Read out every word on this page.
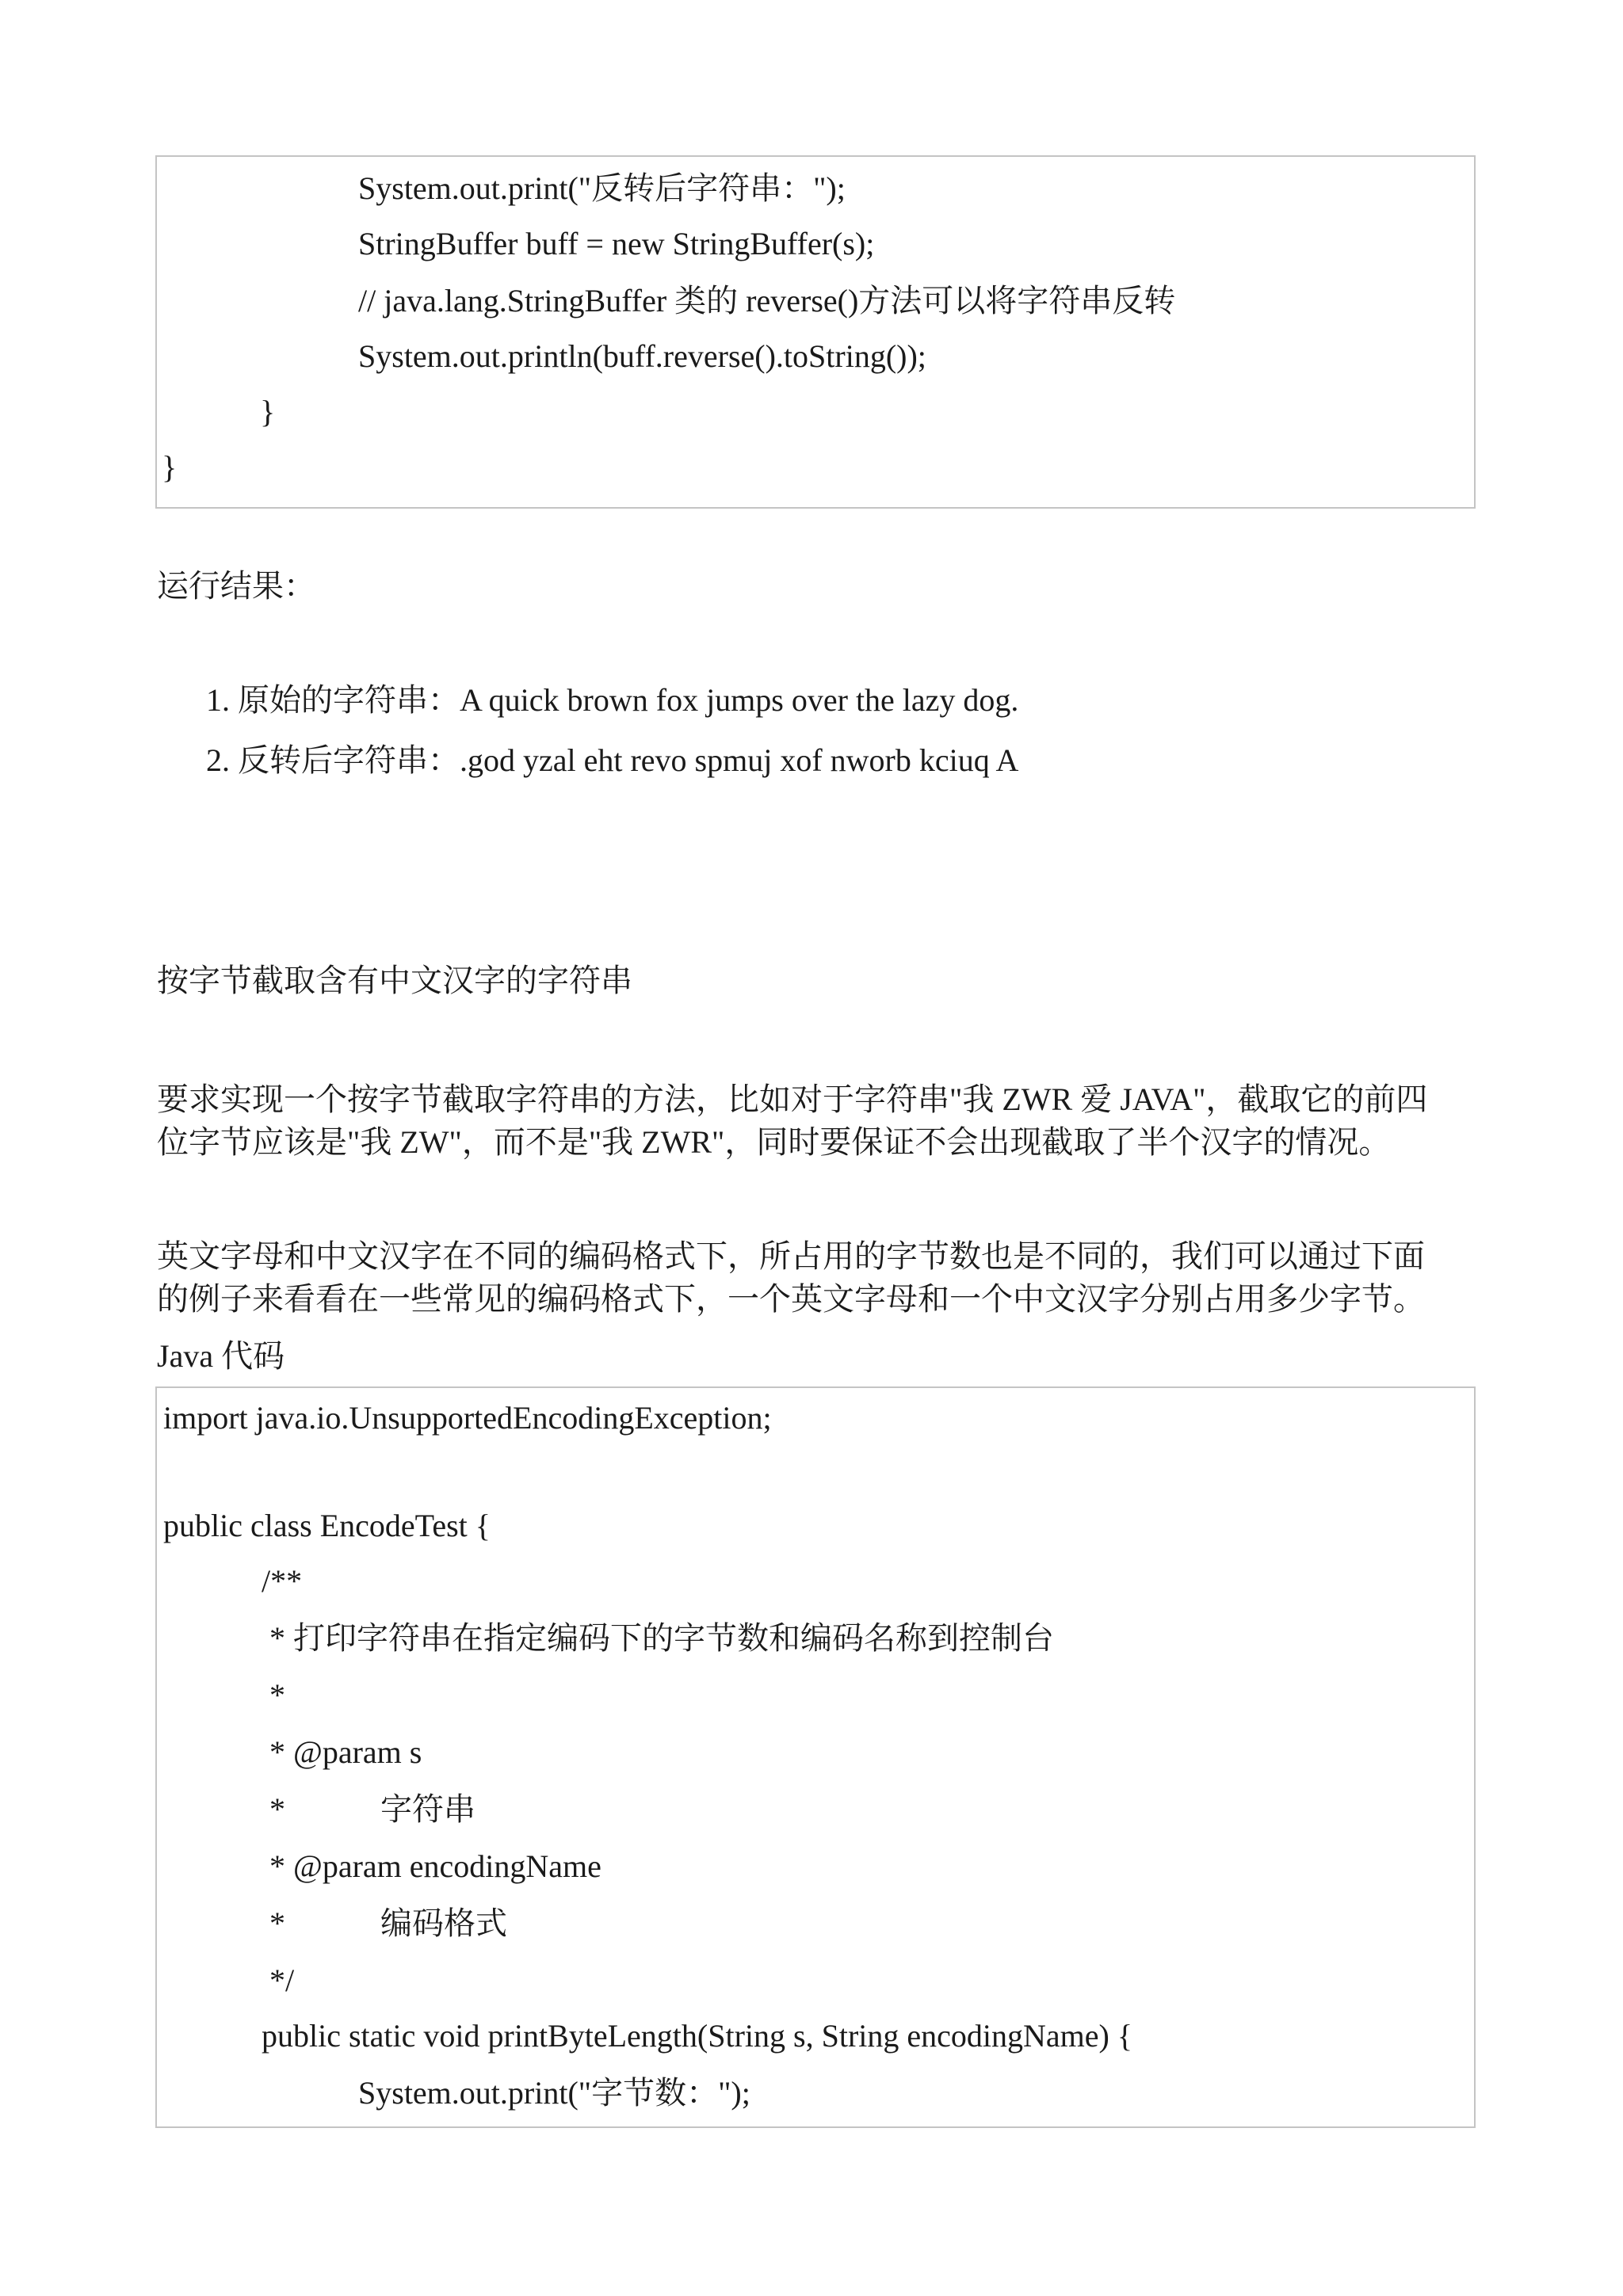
System.out.print("反转后字符串：");
StringBuffer buff = new StringBuffer(s);
// java.lang.StringBuffer 类的 reverse()方法可以将字符串反转
System.out.println(buff.reverse().toString());
}
}
运行结果：
1. 原始的字符串：A quick brown fox jumps over the lazy dog.
2. 反转后字符串：.god yzal eht revo spmuj xof nworb kciuq A
按字节截取含有中文汉字的字符串
要求实现一个按字节截取字符串的方法，比如对于字符串"我 ZWR 爱 JAVA"，截取它的前四
位字节应该是"我 ZW"，而不是"我 ZWR"，同时要保证不会出现截取了半个汉字的情况。
英文字母和中文汉字在不同的编码格式下，所占用的字节数也是不同的，我们可以通过下面
的例子来看看在一些常见的编码格式下，一个英文字母和一个中文汉字分别占用多少字节。
Java 代码
import java.io.UnsupportedEncodingException;
public class EncodeTest {
/**
* 打印字符串在指定编码下的字节数和编码名称到控制台
*
* @param s
*            字符串
* @param encodingName
*            编码格式
*/
public static void printByteLength(String s, String encodingName) {
System.out.print("字节数：");
